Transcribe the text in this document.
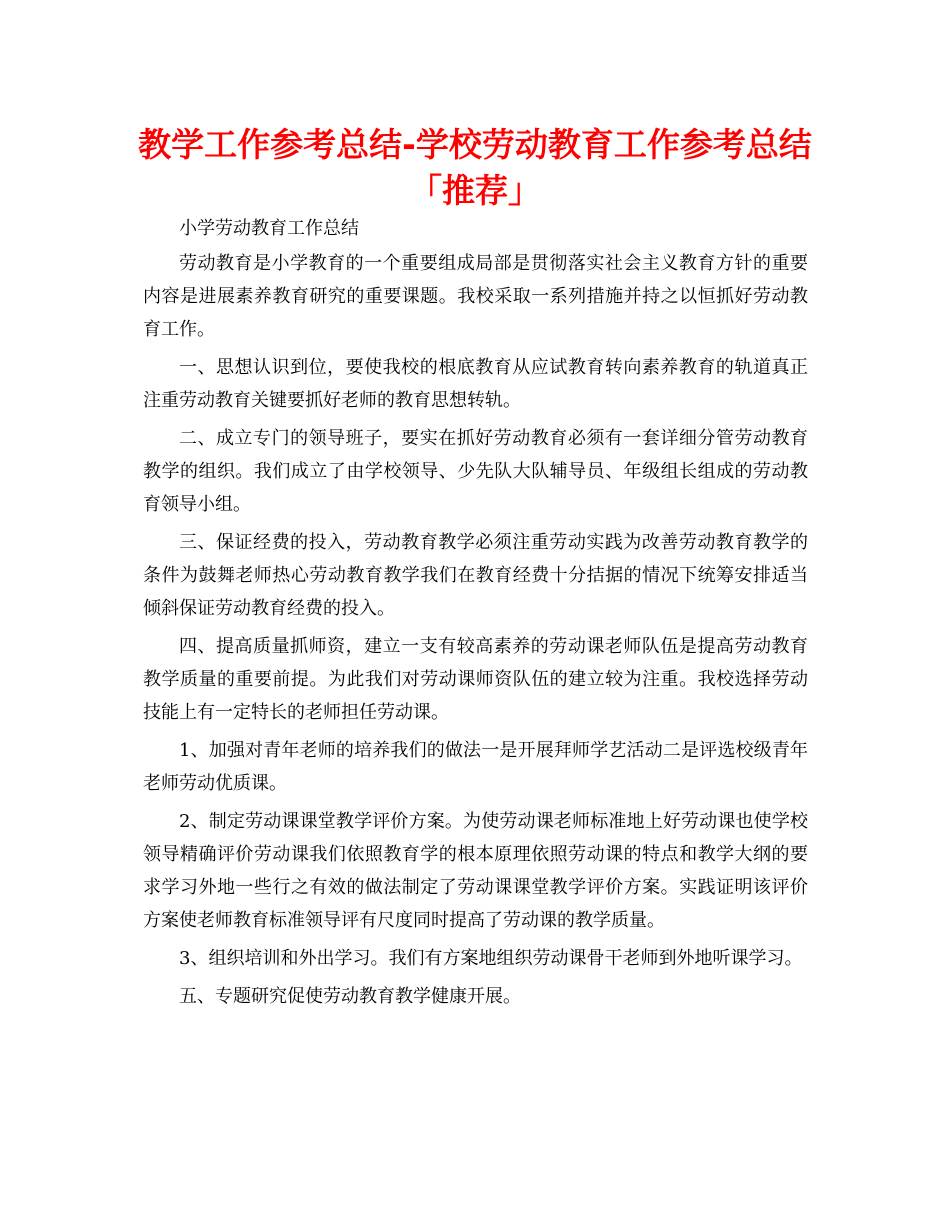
教学工作参考总结-学校劳动教育工作参考总结「推荐」

小学劳动教育工作总结

劳动教育是小学教育的一个重要组成局部是贯彻落实社会主义教育方针的重要内容是进展素养教育研究的重要课题。我校采取一系列措施并持之以恒抓好劳动教育工作。

一、思想认识到位，要使我校的根底教育从应试教育转向素养教育的轨道真正注重劳动教育关键要抓好老师的教育思想转轨。

二、成立专门的领导班子，要实在抓好劳动教育必须有一套详细分管劳动教育教学的组织。我们成立了由学校领导、少先队大队辅导员、年级组长组成的劳动教育领导小组。

三、保证经费的投入，劳动教育教学必须注重劳动实践为改善劳动教育教学的条件为鼓舞老师热心劳动教育教学我们在教育经费十分拮据的情况下统筹安排适当倾斜保证劳动教育经费的投入。

四、提高质量抓师资，建立一支有较高素养的劳动课老师队伍是提高劳动教育教学质量的重要前提。为此我们对劳动课师资队伍的建立较为注重。我校选择劳动技能上有一定特长的老师担任劳动课。

1、加强对青年老师的培养我们的做法一是开展拜师学艺活动二是评选校级青年老师劳动优质课。

2、制定劳动课课堂教学评价方案。为使劳动课老师标准地上好劳动课也使学校领导精确评价劳动课我们依照教育学的根本原理依照劳动课的特点和教学大纲的要求学习外地一些行之有效的做法制定了劳动课课堂教学评价方案。实践证明该评价方案使老师教育标准领导评有尺度同时提高了劳动课的教学质量。

3、组织培训和外出学习。我们有方案地组织劳动课骨干老师到外地听课学习。

五、专题研究促使劳动教育教学健康开展。
